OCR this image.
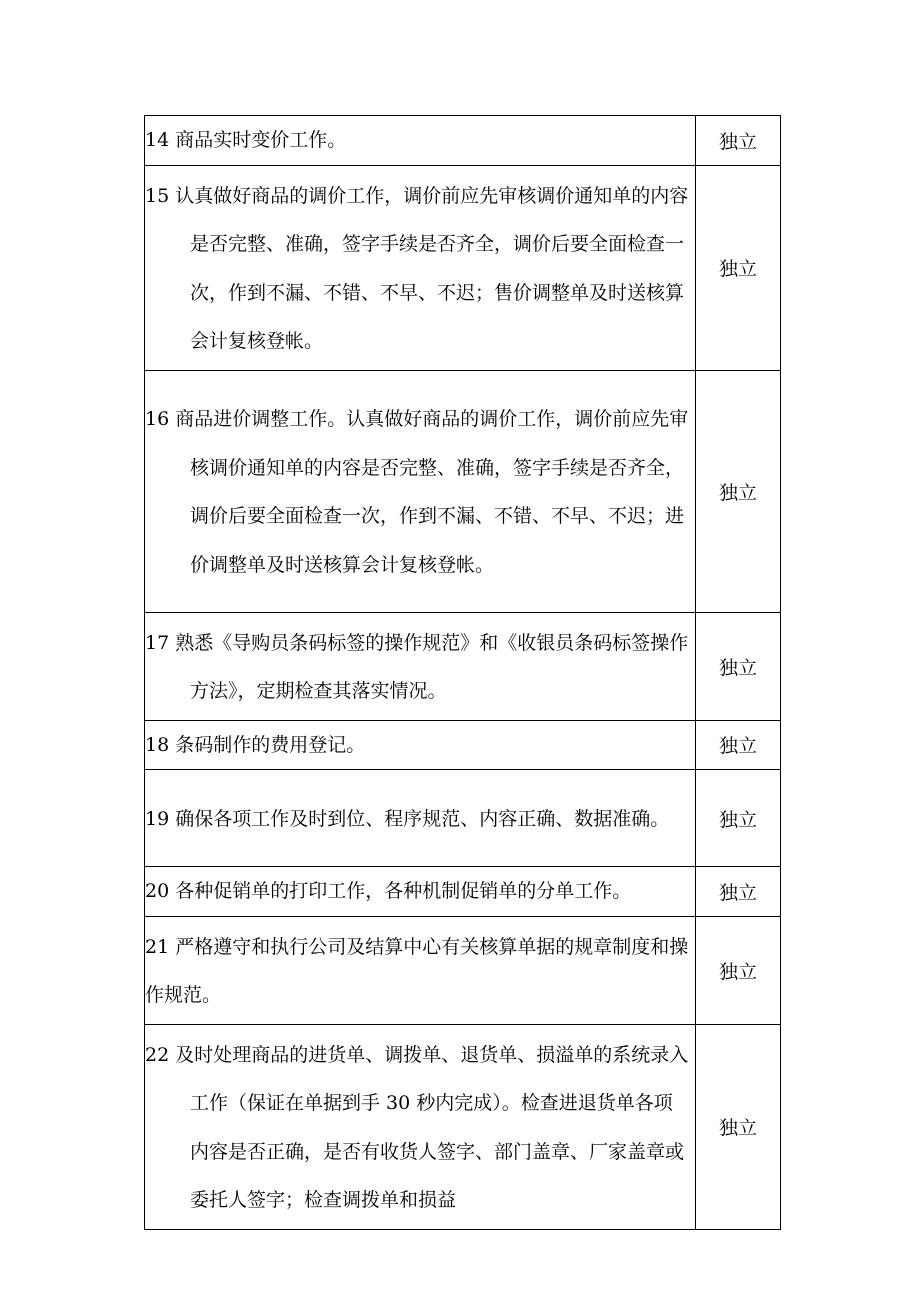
14 商品实时变价工作。	独立

15 认真做好商品的调价工作，调价前应先审核调价通知单的内容是否完整、准确，签字手续是否齐全，调价后要全面检查一次，作到不漏、不错、不早、不迟；售价调整单及时送核算会计复核登帐。	独立

16 商品进价调整工作。认真做好商品的调价工作，调价前应先审核调价通知单的内容是否完整、准确，签字手续是否齐全，调价后要全面检查一次，作到不漏、不错、不早、不迟；进价调整单及时送核算会计复核登帐。	独立

17 熟悉《导购员条码标签的操作规范》和《收银员条码标签操作方法》，定期检查其落实情况。	独立

18 条码制作的费用登记。	独立

19 确保各项工作及时到位、程序规范、内容正确、数据准确。	独立

20 各种促销单的打印工作，各种机制促销单的分单工作。	独立

21 严格遵守和执行公司及结算中心有关核算单据的规章制度和操作规范。	独立

22 及时处理商品的进货单、调拨单、退货单、损溢单的系统录入工作（保证在单据到手 30 秒内完成）。检查进退货单各项内容是否正确，是否有收货人签字、部门盖章、厂家盖章或委托人签字；检查调拨单和损益	独立
